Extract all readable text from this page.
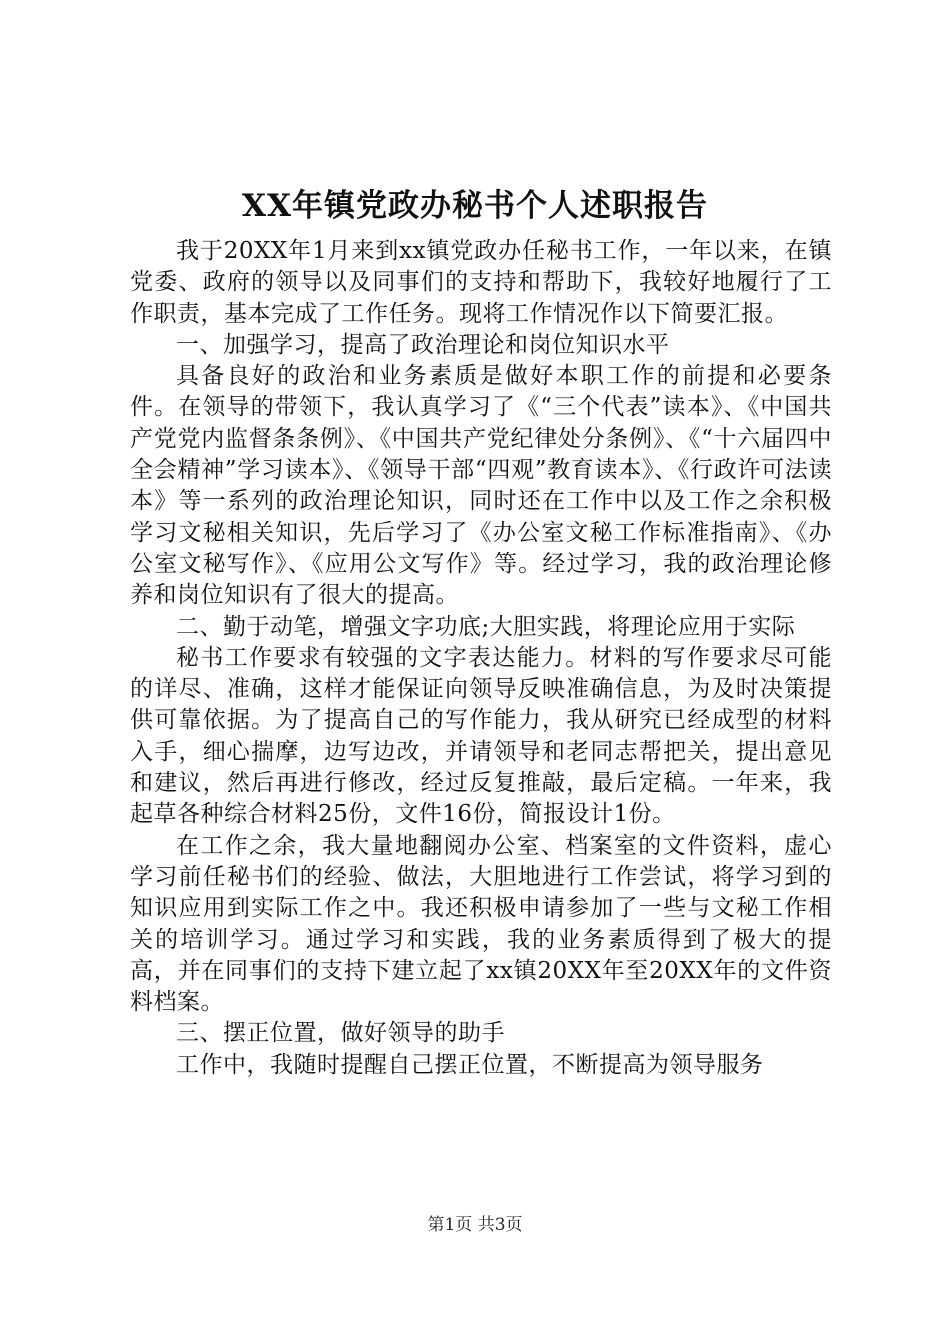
XX年镇党政办秘书个人述职报告

我于20XX年1月来到xx镇党政办任秘书工作，一年以来，在镇党委、政府的领导以及同事们的支持和帮助下，我较好地履行了工作职责，基本完成了工作任务。现将工作情况作以下简要汇报。

一、加强学习，提高了政治理论和岗位知识水平

具备良好的政治和业务素质是做好本职工作的前提和必要条件。在领导的带领下，我认真学习了《“三个代表”读本》、《中国共产党党内监督条条例》、《中国共产党纪律处分条例》、《“十六届四中全会精神”学习读本》、《领导干部“四观”教育读本》、《行政许可法读本》等一系列的政治理论知识，同时还在工作中以及工作之余积极学习文秘相关知识，先后学习了《办公室文秘工作标准指南》、《办公室文秘写作》、《应用公文写作》等。经过学习，我的政治理论修养和岗位知识有了很大的提高。

二、勤于动笔，增强文字功底;大胆实践，将理论应用于实际

秘书工作要求有较强的文字表达能力。材料的写作要求尽可能的详尽、准确，这样才能保证向领导反映准确信息，为及时决策提供可靠依据。为了提高自己的写作能力，我从研究已经成型的材料入手，细心揣摩，边写边改，并请领导和老同志帮把关，提出意见和建议，然后再进行修改，经过反复推敲，最后定稿。一年来，我起草各种综合材料25份，文件16份，简报设计1份。

在工作之余，我大量地翻阅办公室、档案室的文件资料，虚心学习前任秘书们的经验、做法，大胆地进行工作尝试，将学习到的知识应用到实际工作之中。我还积极申请参加了一些与文秘工作相关的培训学习。通过学习和实践，我的业务素质得到了极大的提高，并在同事们的支持下建立起了xx镇20XX年至20XX年的文件资料档案。

三、摆正位置，做好领导的助手

工作中，我随时提醒自己摆正位置，不断提高为领导服务

第1页 共3页
